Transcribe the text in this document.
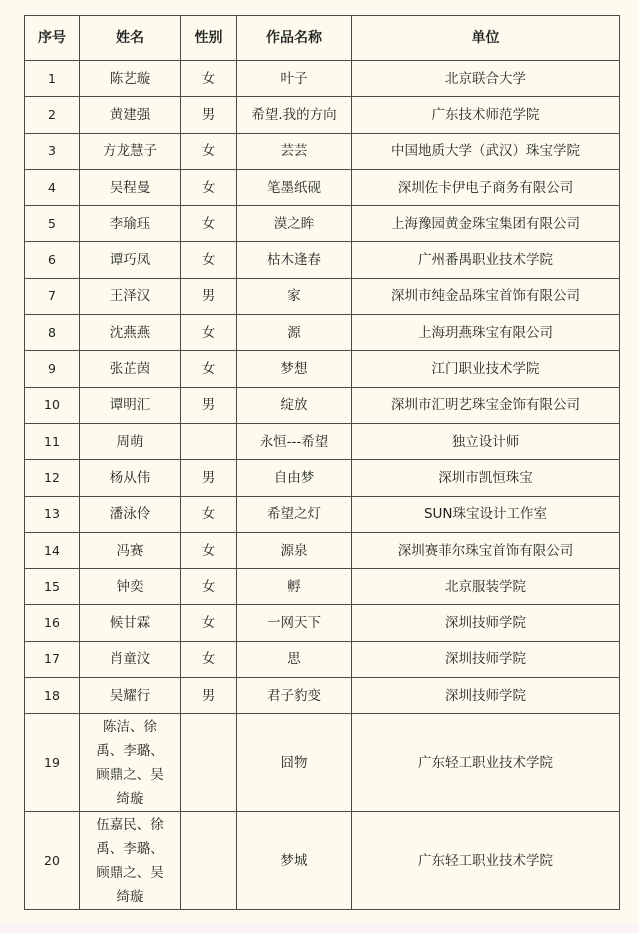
序号	姓名	性别	作品名称	单位
1	陈艺璇	女	叶子	北京联合大学
2	黄建强	男	希望.我的方向	广东技术师范学院
3	方龙慧子	女	芸芸	中国地质大学（武汉）珠宝学院
4	吴程曼	女	笔墨纸砚	深圳佐卡伊电子商务有限公司
5	李瑜珏	女	漠之眸	上海豫园黄金珠宝集团有限公司
6	谭巧凤	女	枯木逢春	广州番禺职业技术学院
7	王泽汉	男	家	深圳市纯金品珠宝首饰有限公司
8	沈燕燕	女	源	上海玥燕珠宝有限公司
9	张芷茵	女	梦想	江门职业技术学院
10	谭明汇	男	绽放	深圳市汇明艺珠宝金饰有限公司
11	周萌		永恒---希望	独立设计师
12	杨从伟	男	自由梦	深圳市凯恒珠宝
13	潘泳伶	女	希望之灯	SUN珠宝设计工作室
14	冯赛	女	源泉	深圳赛菲尔珠宝首饰有限公司
15	钟奕	女	孵	北京服装学院
16	候甘霖	女	一网天下	深圳技师学院
17	肖童汶	女	思	深圳技师学院
18	吴耀行	男	君子豹变	深圳技师学院
19	陈洁、徐
禹、李璐、
顾鼎之、吴
绮璇		囧物	广东轻工职业技术学院
20	伍嘉民、徐
禹、李璐、
顾鼎之、吴
绮璇		梦城	广东轻工职业技术学院
